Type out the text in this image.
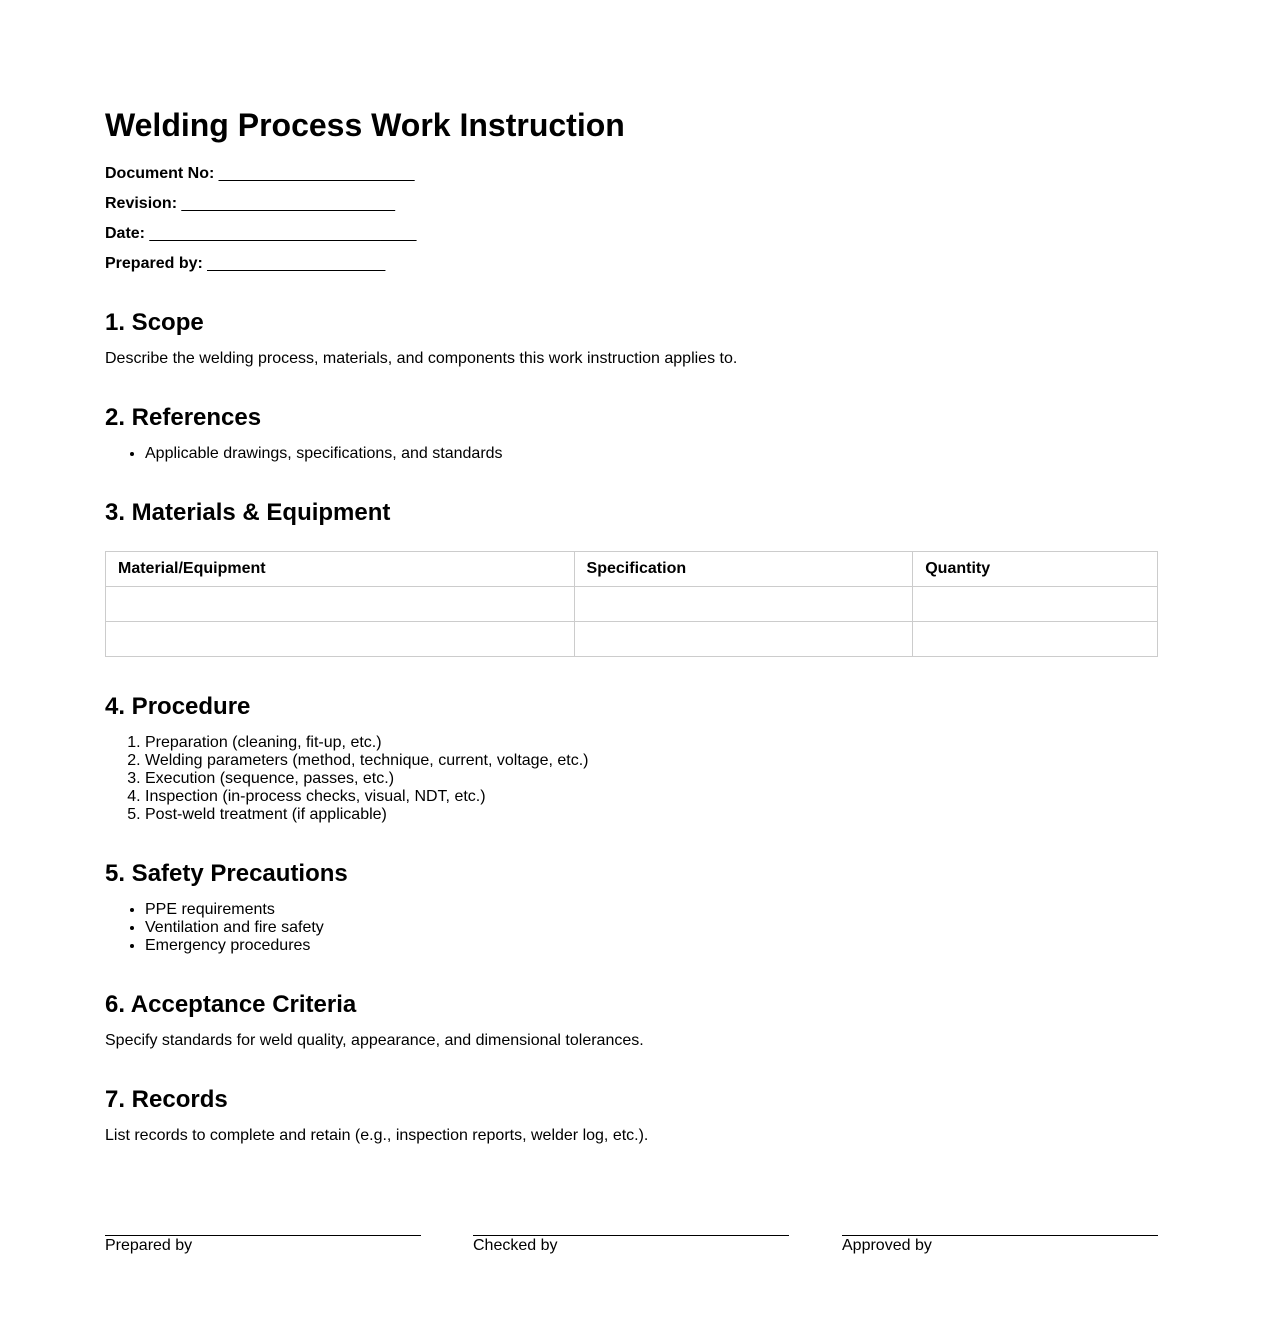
Welding Process Work Instruction
Document No: ______________________
Revision: ________________________
Date: ______________________________
Prepared by: ____________________
1. Scope

Describe the welding process, materials, and components this work instruction applies to.

2. References
• Applicable drawings, specifications, and standards
3. Materials & Equipment
Material/Equipment	Specification	Quantity

4. Procedure
1. Preparation (cleaning, fit-up, etc.)
2. Welding parameters (method, technique, current, voltage, etc.)
3. Execution (sequence, passes, etc.)
4. Inspection (in-process checks, visual, NDT, etc.)
5. Post-weld treatment (if applicable)
5. Safety Precautions
• PPE requirements
• Ventilation and fire safety
• Emergency procedures
6. Acceptance Criteria

Specify standards for weld quality, appearance, and dimensional tolerances.

7. Records

List records to complete and retain (e.g., inspection reports, welder log, etc.).

Prepared by	Checked by	Approved by
